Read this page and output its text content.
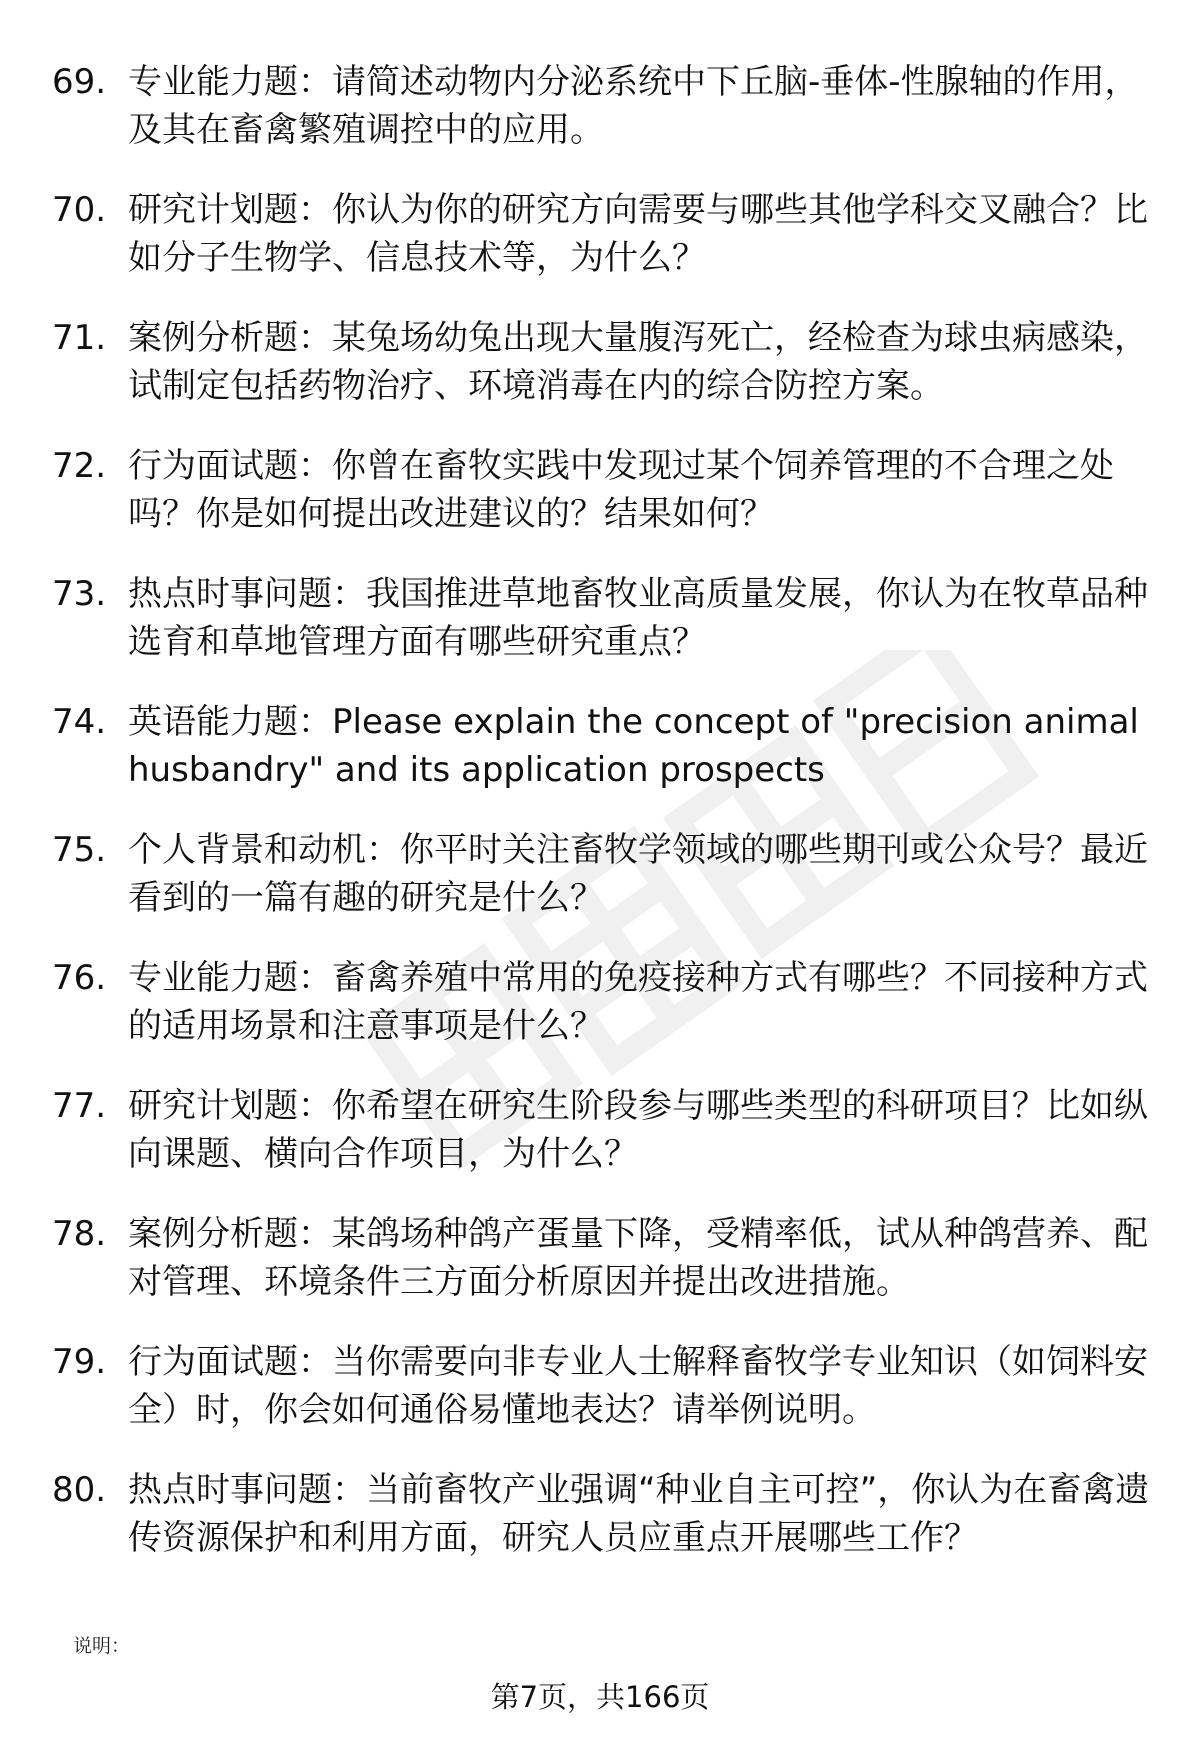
69. 专业能力题：请简述动物内分泌系统中下丘脑-垂体-性腺轴的作用，及其在畜禽繁殖调控中的应用。
70. 研究计划题：你认为你的研究方向需要与哪些其他学科交叉融合？比如分子生物学、信息技术等，为什么？
71. 案例分析题：某兔场幼兔出现大量腹泻死亡，经检查为球虫病感染，试制定包括药物治疗、环境消毒在内的综合防控方案。
72. 行为面试题：你曾在畜牧实践中发现过某个饲养管理的不合理之处吗？你是如何提出改进建议的？结果如何？
73. 热点时事问题：我国推进草地畜牧业高质量发展，你认为在牧草品种选育和草地管理方面有哪些研究重点？
74. 英语能力题：Please explain the concept of "precision animal husbandry" and its application prospects
75. 个人背景和动机：你平时关注畜牧学领域的哪些期刊或公众号？最近看到的一篇有趣的研究是什么？
76. 专业能力题：畜禽养殖中常用的免疫接种方式有哪些？不同接种方式的适用场景和注意事项是什么？
77. 研究计划题：你希望在研究生阶段参与哪些类型的科研项目？比如纵向课题、横向合作项目，为什么？
78. 案例分析题：某鸽场种鸽产蛋量下降，受精率低，试从种鸽营养、配对管理、环境条件三方面分析原因并提出改进措施。
79. 行为面试题：当你需要向非专业人士解释畜牧学专业知识（如饲料安全）时，你会如何通俗易懂地表达？请举例说明。
80. 热点时事问题：当前畜牧产业强调“种业自主可控”，你认为在畜禽遗传资源保护和利用方面，研究人员应重点开展哪些工作？
说明：
第7页，共166页
